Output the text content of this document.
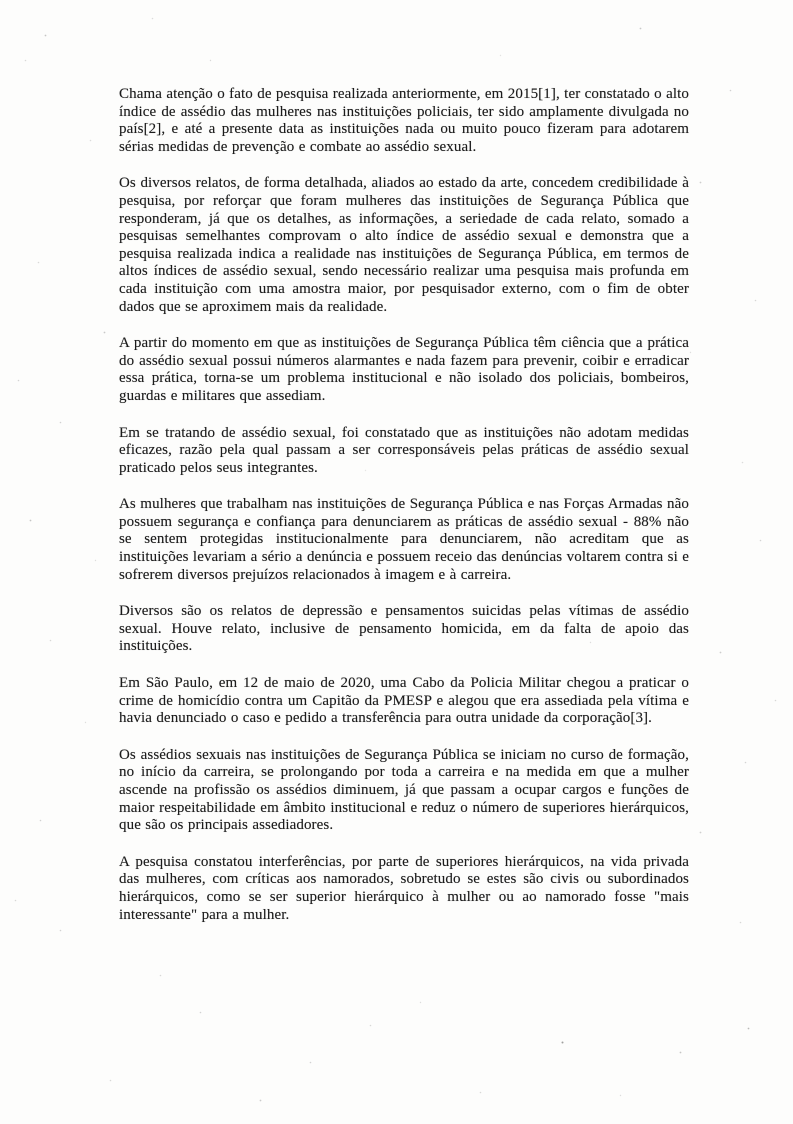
Chama atenção o fato de pesquisa realizada anteriormente, em 2015[1], ter constatado o alto índice de assédio das mulheres nas instituições policiais, ter sido amplamente divulgada no país[2], e até a presente data as instituições nada ou muito pouco fizeram para adotarem sérias medidas de prevenção e combate ao assédio sexual.

Os diversos relatos, de forma detalhada, aliados ao estado da arte, concedem credibilidade à pesquisa, por reforçar que foram mulheres das instituições de Segurança Pública que responderam, já que os detalhes, as informações, a seriedade de cada relato, somado a pesquisas semelhantes comprovam o alto índice de assédio sexual e demonstra que a pesquisa realizada indica a realidade nas instituições de Segurança Pública, em termos de altos índices de assédio sexual, sendo necessário realizar uma pesquisa mais profunda em cada instituição com uma amostra maior, por pesquisador externo, com o fim de obter dados que se aproximem mais da realidade.

A partir do momento em que as instituições de Segurança Pública têm ciência que a prática do assédio sexual possui números alarmantes e nada fazem para prevenir, coibir e erradicar essa prática, torna-se um problema institucional e não isolado dos policiais, bombeiros, guardas e militares que assediam.

Em se tratando de assédio sexual, foi constatado que as instituições não adotam medidas eficazes, razão pela qual passam a ser corresponsáveis pelas práticas de assédio sexual praticado pelos seus integrantes.

As mulheres que trabalham nas instituições de Segurança Pública e nas Forças Armadas não possuem segurança e confiança para denunciarem as práticas de assédio sexual - 88% não se sentem protegidas institucionalmente para denunciarem, não acreditam que as instituições levariam a sério a denúncia e possuem receio das denúncias voltarem contra si e sofrerem diversos prejuízos relacionados à imagem e à carreira.

Diversos são os relatos de depressão e pensamentos suicidas pelas vítimas de assédio sexual. Houve relato, inclusive de pensamento homicida, em da falta de apoio das instituições.

Em São Paulo, em 12 de maio de 2020, uma Cabo da Policia Militar chegou a praticar o crime de homicídio contra um Capitão da PMESP e alegou que era assediada pela vítima e havia denunciado o caso e pedido a transferência para outra unidade da corporação[3].

Os assédios sexuais nas instituições de Segurança Pública se iniciam no curso de formação, no início da carreira, se prolongando por toda a carreira e na medida em que a mulher ascende na profissão os assédios diminuem, já que passam a ocupar cargos e funções de maior respeitabilidade em âmbito institucional e reduz o número de superiores hierárquicos, que são os principais assediadores.

A pesquisa constatou interferências, por parte de superiores hierárquicos, na vida privada das mulheres, com críticas aos namorados, sobretudo se estes são civis ou subordinados hierárquicos, como se ser superior hierárquico à mulher ou ao namorado fosse "mais interessante" para a mulher.
